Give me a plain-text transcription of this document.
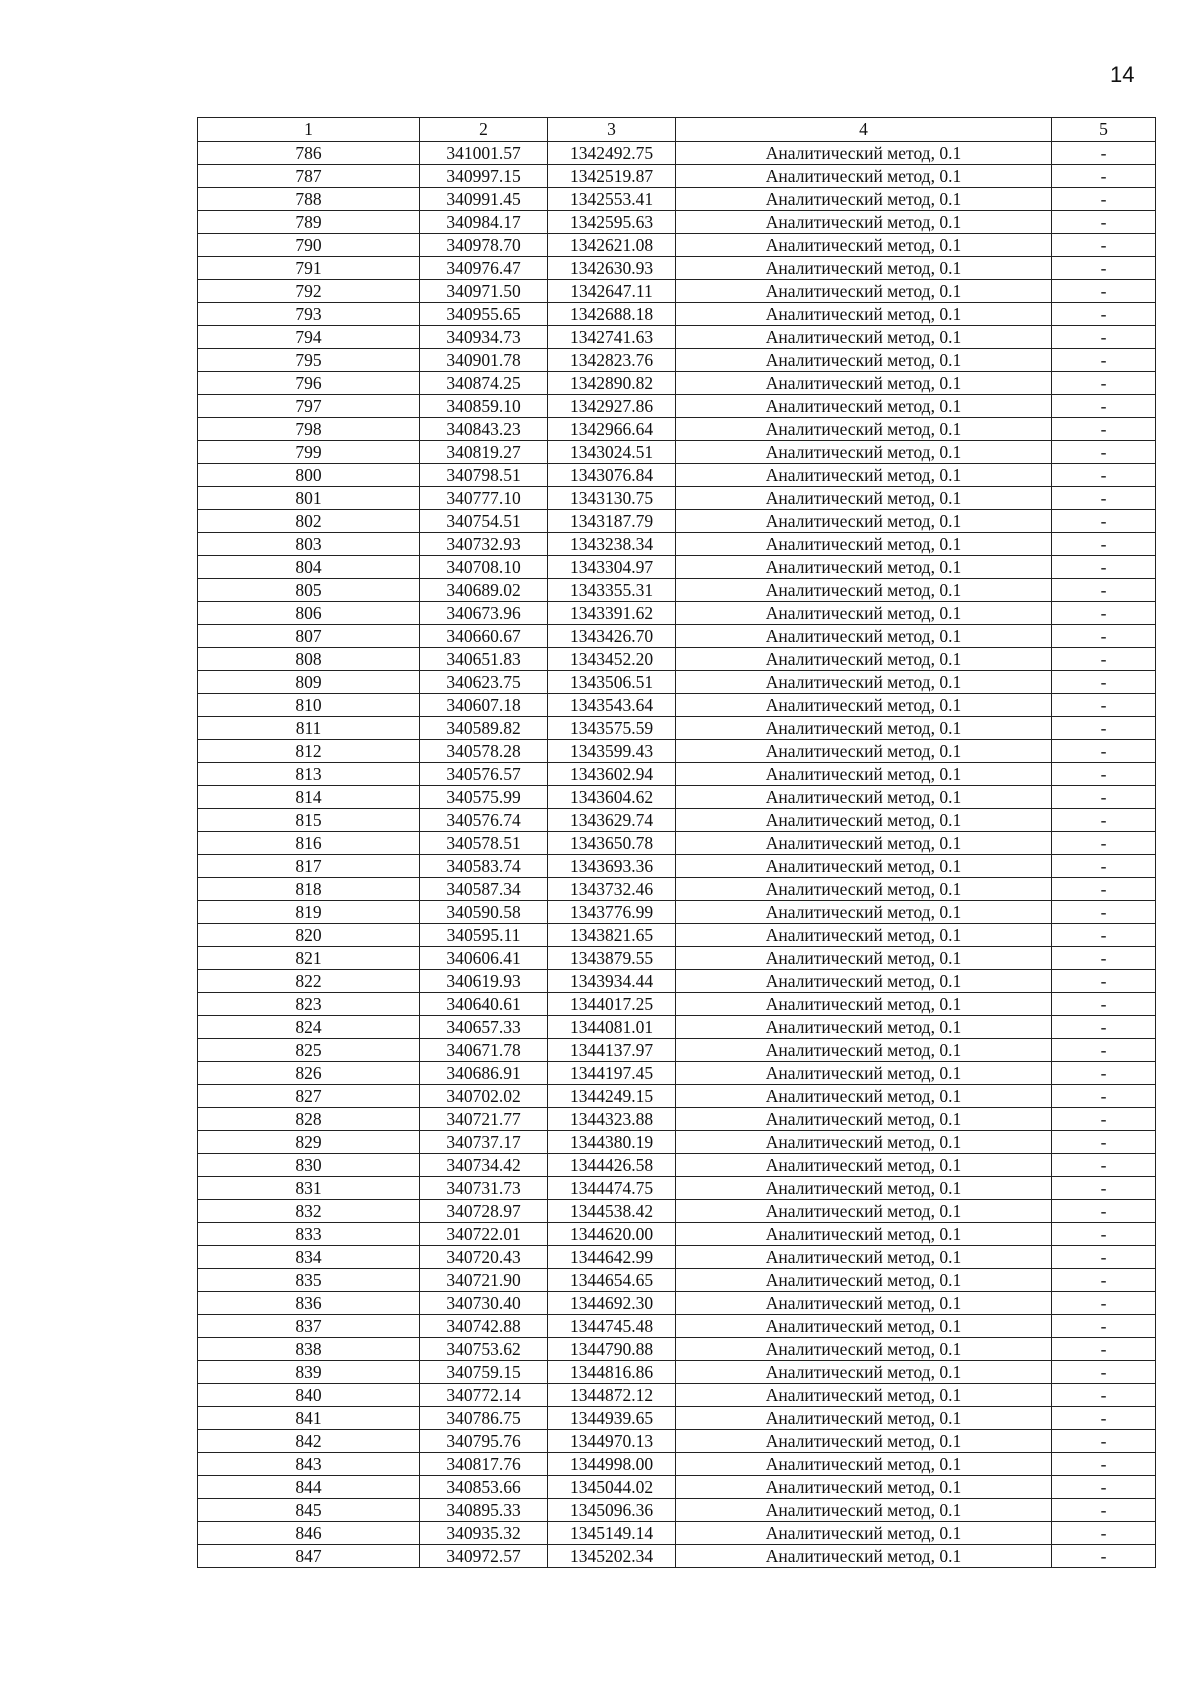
14
1	2	3	4	5
786	341001.57	1342492.75	Аналитический метод, 0.1	-
787	340997.15	1342519.87	Аналитический метод, 0.1	-
788	340991.45	1342553.41	Аналитический метод, 0.1	-
789	340984.17	1342595.63	Аналитический метод, 0.1	-
790	340978.70	1342621.08	Аналитический метод, 0.1	-
791	340976.47	1342630.93	Аналитический метод, 0.1	-
792	340971.50	1342647.11	Аналитический метод, 0.1	-
793	340955.65	1342688.18	Аналитический метод, 0.1	-
794	340934.73	1342741.63	Аналитический метод, 0.1	-
795	340901.78	1342823.76	Аналитический метод, 0.1	-
796	340874.25	1342890.82	Аналитический метод, 0.1	-
797	340859.10	1342927.86	Аналитический метод, 0.1	-
798	340843.23	1342966.64	Аналитический метод, 0.1	-
799	340819.27	1343024.51	Аналитический метод, 0.1	-
800	340798.51	1343076.84	Аналитический метод, 0.1	-
801	340777.10	1343130.75	Аналитический метод, 0.1	-
802	340754.51	1343187.79	Аналитический метод, 0.1	-
803	340732.93	1343238.34	Аналитический метод, 0.1	-
804	340708.10	1343304.97	Аналитический метод, 0.1	-
805	340689.02	1343355.31	Аналитический метод, 0.1	-
806	340673.96	1343391.62	Аналитический метод, 0.1	-
807	340660.67	1343426.70	Аналитический метод, 0.1	-
808	340651.83	1343452.20	Аналитический метод, 0.1	-
809	340623.75	1343506.51	Аналитический метод, 0.1	-
810	340607.18	1343543.64	Аналитический метод, 0.1	-
811	340589.82	1343575.59	Аналитический метод, 0.1	-
812	340578.28	1343599.43	Аналитический метод, 0.1	-
813	340576.57	1343602.94	Аналитический метод, 0.1	-
814	340575.99	1343604.62	Аналитический метод, 0.1	-
815	340576.74	1343629.74	Аналитический метод, 0.1	-
816	340578.51	1343650.78	Аналитический метод, 0.1	-
817	340583.74	1343693.36	Аналитический метод, 0.1	-
818	340587.34	1343732.46	Аналитический метод, 0.1	-
819	340590.58	1343776.99	Аналитический метод, 0.1	-
820	340595.11	1343821.65	Аналитический метод, 0.1	-
821	340606.41	1343879.55	Аналитический метод, 0.1	-
822	340619.93	1343934.44	Аналитический метод, 0.1	-
823	340640.61	1344017.25	Аналитический метод, 0.1	-
824	340657.33	1344081.01	Аналитический метод, 0.1	-
825	340671.78	1344137.97	Аналитический метод, 0.1	-
826	340686.91	1344197.45	Аналитический метод, 0.1	-
827	340702.02	1344249.15	Аналитический метод, 0.1	-
828	340721.77	1344323.88	Аналитический метод, 0.1	-
829	340737.17	1344380.19	Аналитический метод, 0.1	-
830	340734.42	1344426.58	Аналитический метод, 0.1	-
831	340731.73	1344474.75	Аналитический метод, 0.1	-
832	340728.97	1344538.42	Аналитический метод, 0.1	-
833	340722.01	1344620.00	Аналитический метод, 0.1	-
834	340720.43	1344642.99	Аналитический метод, 0.1	-
835	340721.90	1344654.65	Аналитический метод, 0.1	-
836	340730.40	1344692.30	Аналитический метод, 0.1	-
837	340742.88	1344745.48	Аналитический метод, 0.1	-
838	340753.62	1344790.88	Аналитический метод, 0.1	-
839	340759.15	1344816.86	Аналитический метод, 0.1	-
840	340772.14	1344872.12	Аналитический метод, 0.1	-
841	340786.75	1344939.65	Аналитический метод, 0.1	-
842	340795.76	1344970.13	Аналитический метод, 0.1	-
843	340817.76	1344998.00	Аналитический метод, 0.1	-
844	340853.66	1345044.02	Аналитический метод, 0.1	-
845	340895.33	1345096.36	Аналитический метод, 0.1	-
846	340935.32	1345149.14	Аналитический метод, 0.1	-
847	340972.57	1345202.34	Аналитический метод, 0.1	-
